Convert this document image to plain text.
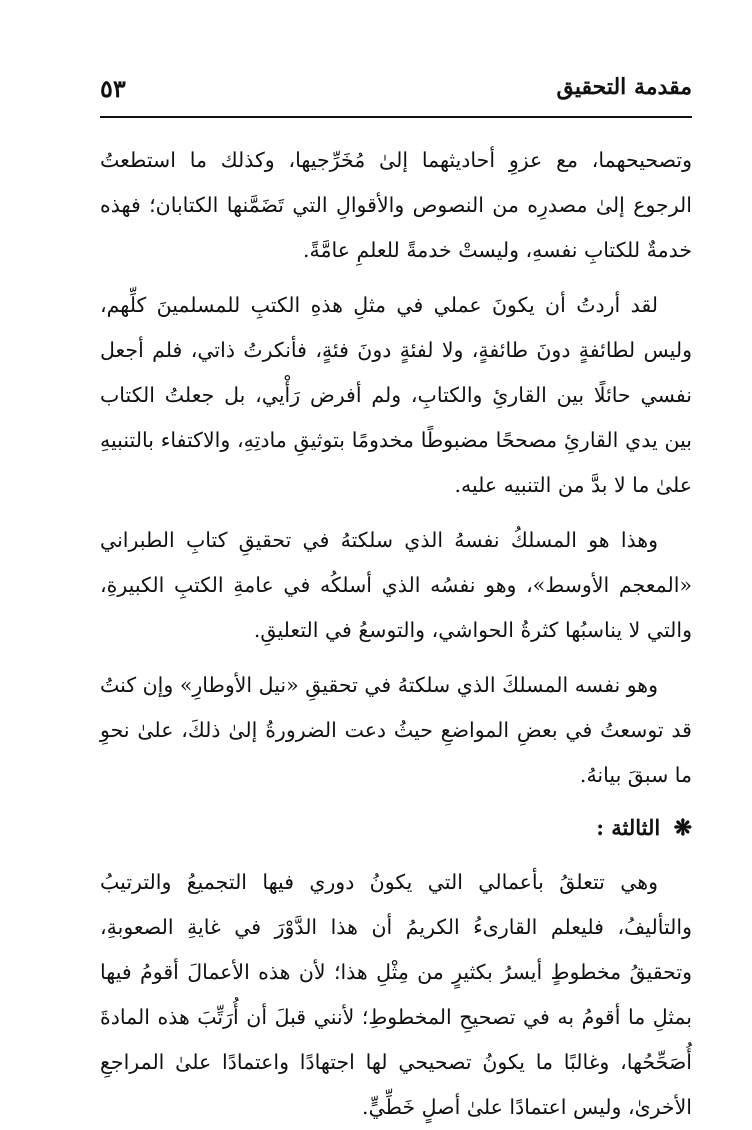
مقدمة التحقيق
٥٣

وتصحيحهما، مع عزوِ أحاديثهما إلىٰ مُخَرِّجيها، وكذلك ما استطعتُ الرجوع إلىٰ مصدرِه من النصوص والأقوالِ التي تَضَمَّنها الكتابان؛ فهذه خدمةٌ للكتابِ نفسهِ، وليستْ خدمةً للعلمِ عامَّةً.

لقد أردتُ أن يكونَ عملي في مثلِ هذهِ الكتبِ للمسلمينَ كلِّهم، وليس لطائفةٍ دونَ طائفةٍ، ولا لفئةٍ دونَ فئةٍ، فأنكرتُ ذاتي، فلم أجعل نفسي حائلًا بين القارئِ والكتابِ، ولم أفرض رَأْيي، بل جعلتُ الكتاب بين يدي القارئِ مصححًا مضبوطًا مخدومًا بتوثيقِ مادتِهِ، والاكتفاء بالتنبيهِ علىٰ ما لا بدَّ من التنبيه عليه.

وهذا هو المسلكُ نفسهُ الذي سلكتهُ في تحقيقِ كتابِ الطبراني «المعجم الأوسط»، وهو نفسُه الذي أسلكُه في عامةِ الكتبِ الكبيرةِ، والتي لا يناسبُها كثرةُ الحواشي، والتوسعُ في التعليقِ.

وهو نفسه المسلكَ الذي سلكتهُ في تحقيقِ «نيل الأوطارِ» وإن كنتُ قد توسعتُ في بعضِ المواضعِ حيثُ دعت الضرورةُ إلىٰ ذلكَ، علىٰ نحوِ ما سبقَ بيانهُ.

❋ الثالثة :

وهي تتعلقُ بأعمالي التي يكونُ دوري فيها التجميعُ والترتيبُ والتأليفُ، فليعلم القارىءُ الكريمُ أن هذا الدَّوْرَ في غايةِ الصعوبةِ، وتحقيقُ مخطوطٍ أيسرُ بكثيرٍ من مِثْلِ هذا؛ لأن هذه الأعمالَ أقومُ فيها بمثلِ ما أقومُ به في تصحيحِ المخطوطِ؛ لأنني قبلَ أن أُرَتِّبَ هذه المادةَ أُصَحِّحُها، وغالبًا ما يكونُ تصحيحي لها اجتهادًا واعتمادًا علىٰ المراجعِ الأخرىٰ، وليس اعتمادًا علىٰ أصلٍ خَطِّيٍّ.
